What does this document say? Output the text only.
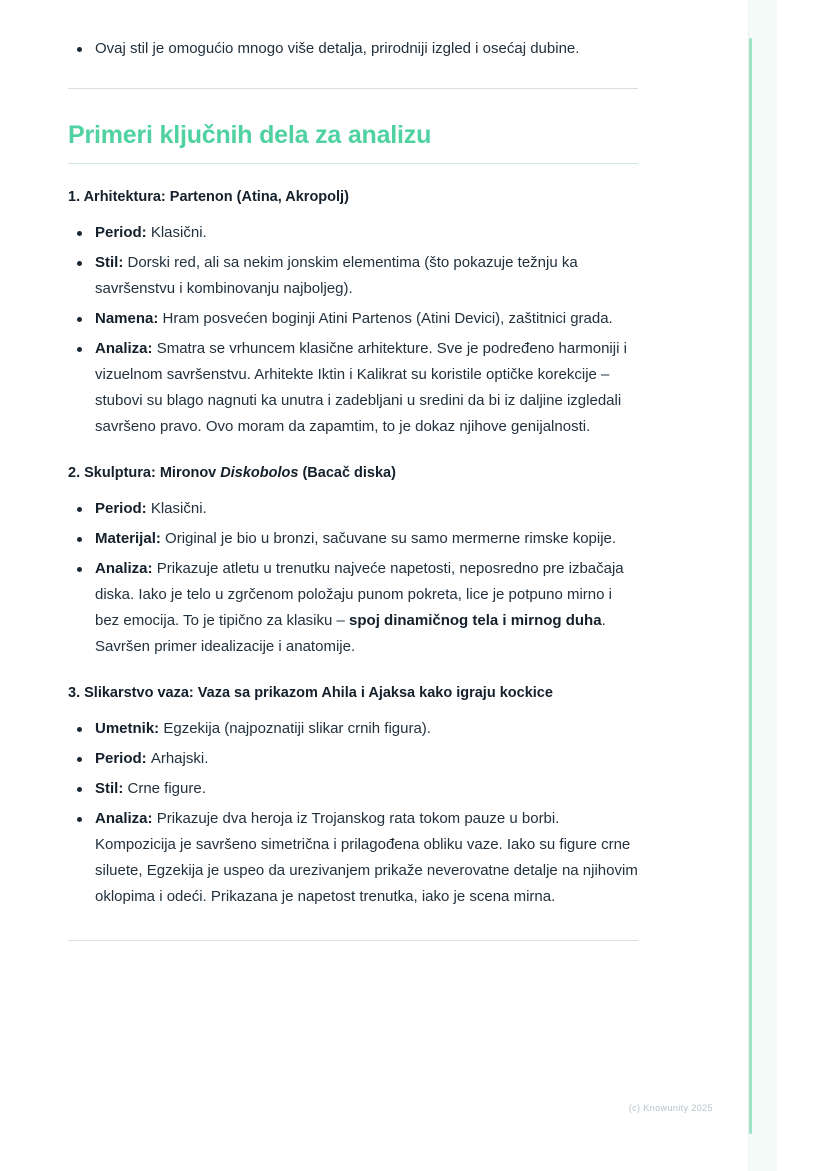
Ovaj stil je omogućio mnogo više detalja, prirodniji izgled i osećaj dubine.
Primeri ključnih dela za analizu
1. Arhitektura: Partenon (Atina, Akropolj)
Period: Klasični.
Stil: Dorski red, ali sa nekim jonskim elementima (što pokazuje težnju ka savršenstvu i kombinovanju najboljeg).
Namena: Hram posvećen boginji Atini Partenos (Atini Devici), zaštitnici grada.
Analiza: Smatra se vrhuncem klasične arhitekture. Sve je podređeno harmoniji i vizuelnom savršenstvu. Arhitekte Iktin i Kalikrat su koristile optičke korekcije – stubovi su blago nagnuti ka unutra i zadebljani u sredini da bi iz daljine izgledali savršeno pravo. Ovo moram da zapamtim, to je dokaz njihove genijalnosti.
2. Skulptura: Mironov Diskobolos (Bacač diska)
Period: Klasični.
Materijal: Original je bio u bronzi, sačuvane su samo mermerne rimske kopije.
Analiza: Prikazuje atletu u trenutku najveće napetosti, neposredno pre izbačaja diska. Iako je telo u zgrčenom položaju punom pokreta, lice je potpuno mirno i bez emocija. To je tipično za klasiku – spoj dinamičnog tela i mirnog duha. Savršen primer idealizacije i anatomije.
3. Slikarstvo vaza: Vaza sa prikazom Ahila i Ajaksa kako igraju kockice
Umetnik: Egzekija (najpoznatiji slikar crnih figura).
Period: Arhajski.
Stil: Crne figure.
Analiza: Prikazuje dva heroja iz Trojanskog rata tokom pauze u borbi. Kompozicija je savršeno simetrična i prilagođena obliku vaze. Iako su figure crne siluete, Egzekija je uspeo da urezivanjem prikaže neverovatne detalje na njihovim oklopima i odeći. Prikazana je napetost trenutka, iako je scena mirna.
(c) Knowunity 2025
